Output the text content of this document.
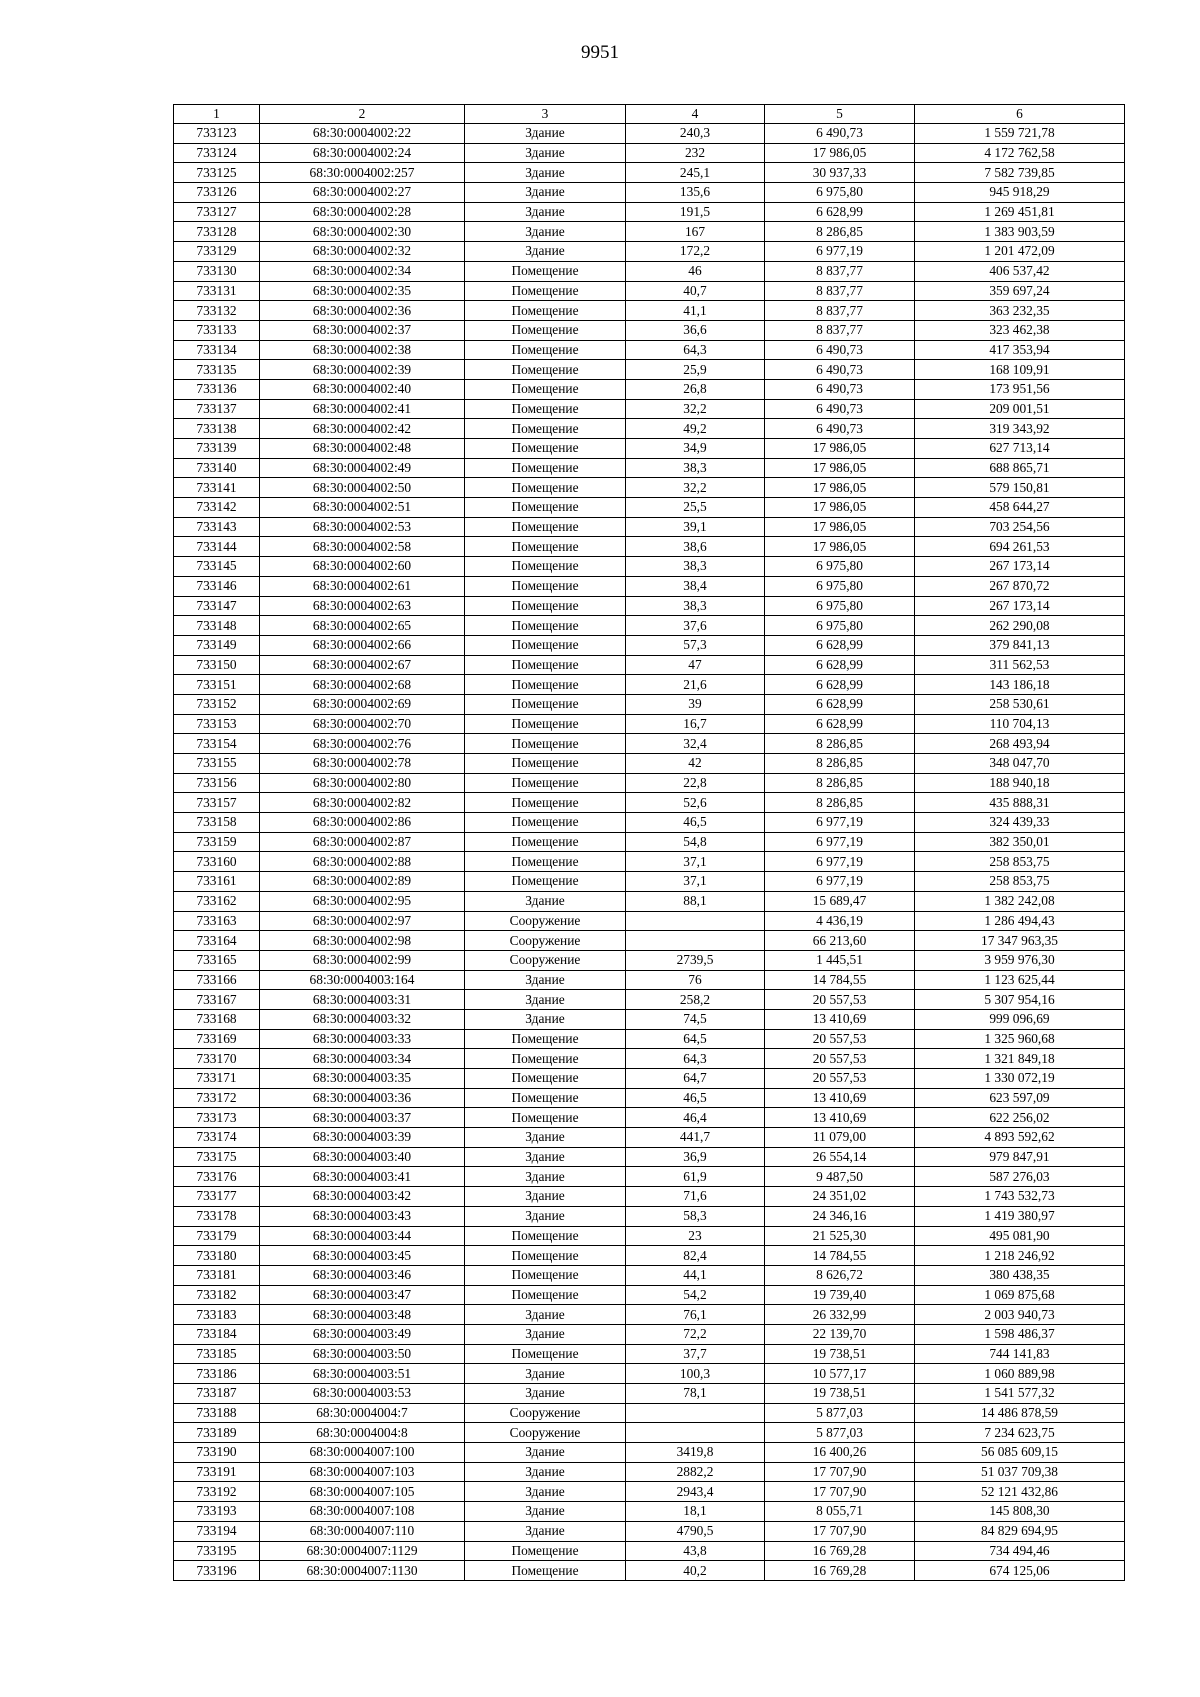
9951
1	2	3	4	5	6
733123	68:30:0004002:22	Здание	240,3	6 490,73	1 559 721,78
733124	68:30:0004002:24	Здание	232	17 986,05	4 172 762,58
733125	68:30:0004002:257	Здание	245,1	30 937,33	7 582 739,85
733126	68:30:0004002:27	Здание	135,6	6 975,80	945 918,29
733127	68:30:0004002:28	Здание	191,5	6 628,99	1 269 451,81
733128	68:30:0004002:30	Здание	167	8 286,85	1 383 903,59
733129	68:30:0004002:32	Здание	172,2	6 977,19	1 201 472,09
733130	68:30:0004002:34	Помещение	46	8 837,77	406 537,42
733131	68:30:0004002:35	Помещение	40,7	8 837,77	359 697,24
733132	68:30:0004002:36	Помещение	41,1	8 837,77	363 232,35
733133	68:30:0004002:37	Помещение	36,6	8 837,77	323 462,38
733134	68:30:0004002:38	Помещение	64,3	6 490,73	417 353,94
733135	68:30:0004002:39	Помещение	25,9	6 490,73	168 109,91
733136	68:30:0004002:40	Помещение	26,8	6 490,73	173 951,56
733137	68:30:0004002:41	Помещение	32,2	6 490,73	209 001,51
733138	68:30:0004002:42	Помещение	49,2	6 490,73	319 343,92
733139	68:30:0004002:48	Помещение	34,9	17 986,05	627 713,14
733140	68:30:0004002:49	Помещение	38,3	17 986,05	688 865,71
733141	68:30:0004002:50	Помещение	32,2	17 986,05	579 150,81
733142	68:30:0004002:51	Помещение	25,5	17 986,05	458 644,27
733143	68:30:0004002:53	Помещение	39,1	17 986,05	703 254,56
733144	68:30:0004002:58	Помещение	38,6	17 986,05	694 261,53
733145	68:30:0004002:60	Помещение	38,3	6 975,80	267 173,14
733146	68:30:0004002:61	Помещение	38,4	6 975,80	267 870,72
733147	68:30:0004002:63	Помещение	38,3	6 975,80	267 173,14
733148	68:30:0004002:65	Помещение	37,6	6 975,80	262 290,08
733149	68:30:0004002:66	Помещение	57,3	6 628,99	379 841,13
733150	68:30:0004002:67	Помещение	47	6 628,99	311 562,53
733151	68:30:0004002:68	Помещение	21,6	6 628,99	143 186,18
733152	68:30:0004002:69	Помещение	39	6 628,99	258 530,61
733153	68:30:0004002:70	Помещение	16,7	6 628,99	110 704,13
733154	68:30:0004002:76	Помещение	32,4	8 286,85	268 493,94
733155	68:30:0004002:78	Помещение	42	8 286,85	348 047,70
733156	68:30:0004002:80	Помещение	22,8	8 286,85	188 940,18
733157	68:30:0004002:82	Помещение	52,6	8 286,85	435 888,31
733158	68:30:0004002:86	Помещение	46,5	6 977,19	324 439,33
733159	68:30:0004002:87	Помещение	54,8	6 977,19	382 350,01
733160	68:30:0004002:88	Помещение	37,1	6 977,19	258 853,75
733161	68:30:0004002:89	Помещение	37,1	6 977,19	258 853,75
733162	68:30:0004002:95	Здание	88,1	15 689,47	1 382 242,08
733163	68:30:0004002:97	Сооружение		4 436,19	1 286 494,43
733164	68:30:0004002:98	Сооружение		66 213,60	17 347 963,35
733165	68:30:0004002:99	Сооружение	2739,5	1 445,51	3 959 976,30
733166	68:30:0004003:164	Здание	76	14 784,55	1 123 625,44
733167	68:30:0004003:31	Здание	258,2	20 557,53	5 307 954,16
733168	68:30:0004003:32	Здание	74,5	13 410,69	999 096,69
733169	68:30:0004003:33	Помещение	64,5	20 557,53	1 325 960,68
733170	68:30:0004003:34	Помещение	64,3	20 557,53	1 321 849,18
733171	68:30:0004003:35	Помещение	64,7	20 557,53	1 330 072,19
733172	68:30:0004003:36	Помещение	46,5	13 410,69	623 597,09
733173	68:30:0004003:37	Помещение	46,4	13 410,69	622 256,02
733174	68:30:0004003:39	Здание	441,7	11 079,00	4 893 592,62
733175	68:30:0004003:40	Здание	36,9	26 554,14	979 847,91
733176	68:30:0004003:41	Здание	61,9	9 487,50	587 276,03
733177	68:30:0004003:42	Здание	71,6	24 351,02	1 743 532,73
733178	68:30:0004003:43	Здание	58,3	24 346,16	1 419 380,97
733179	68:30:0004003:44	Помещение	23	21 525,30	495 081,90
733180	68:30:0004003:45	Помещение	82,4	14 784,55	1 218 246,92
733181	68:30:0004003:46	Помещение	44,1	8 626,72	380 438,35
733182	68:30:0004003:47	Помещение	54,2	19 739,40	1 069 875,68
733183	68:30:0004003:48	Здание	76,1	26 332,99	2 003 940,73
733184	68:30:0004003:49	Здание	72,2	22 139,70	1 598 486,37
733185	68:30:0004003:50	Помещение	37,7	19 738,51	744 141,83
733186	68:30:0004003:51	Здание	100,3	10 577,17	1 060 889,98
733187	68:30:0004003:53	Здание	78,1	19 738,51	1 541 577,32
733188	68:30:0004004:7	Сооружение		5 877,03	14 486 878,59
733189	68:30:0004004:8	Сооружение		5 877,03	7 234 623,75
733190	68:30:0004007:100	Здание	3419,8	16 400,26	56 085 609,15
733191	68:30:0004007:103	Здание	2882,2	17 707,90	51 037 709,38
733192	68:30:0004007:105	Здание	2943,4	17 707,90	52 121 432,86
733193	68:30:0004007:108	Здание	18,1	8 055,71	145 808,30
733194	68:30:0004007:110	Здание	4790,5	17 707,90	84 829 694,95
733195	68:30:0004007:1129	Помещение	43,8	16 769,28	734 494,46
733196	68:30:0004007:1130	Помещение	40,2	16 769,28	674 125,06
